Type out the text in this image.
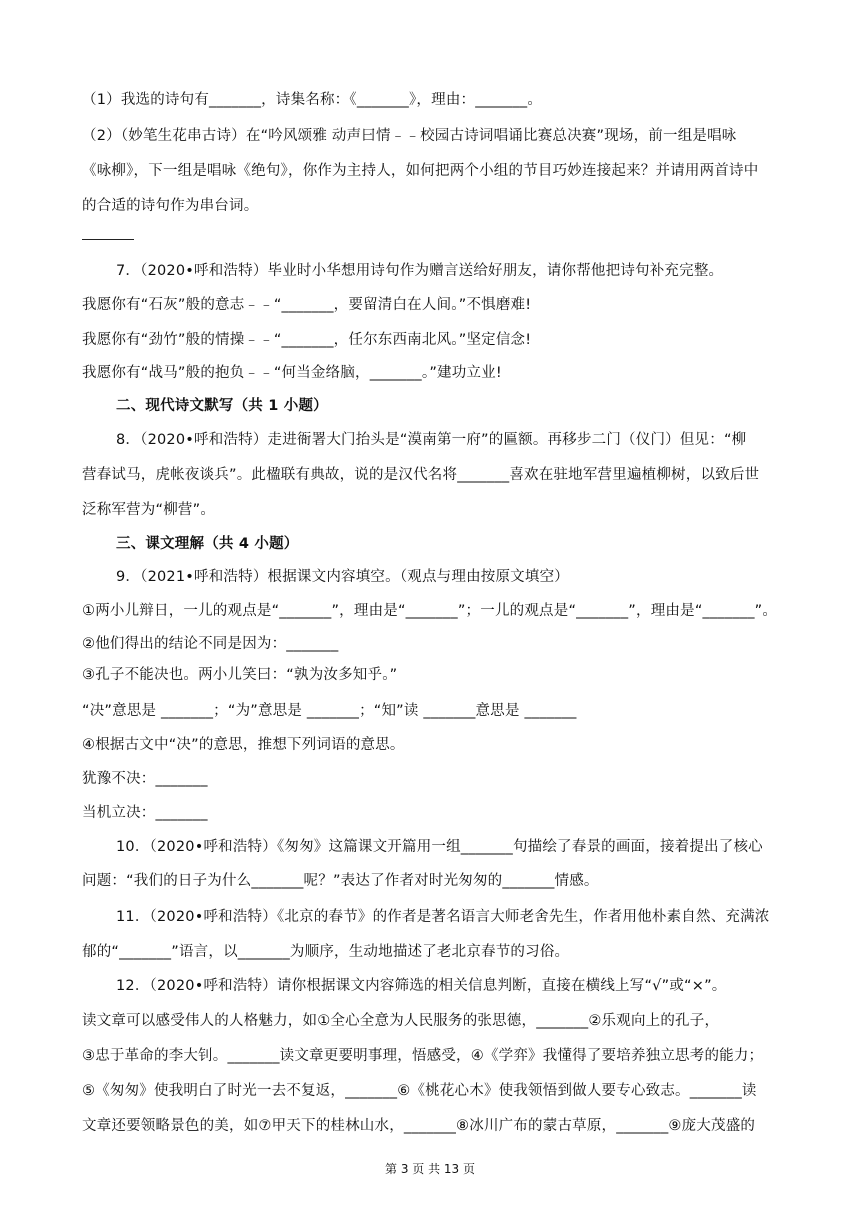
（1）我选的诗句有_______，诗集名称：《_______》，理由：_______。
（2）（妙笔生花串古诗）在“吟风颂雅 动声曰情﹣﹣校园古诗词唱诵比赛总决赛”现场，前一组是唱咏
《咏柳》，下一组是唱咏《绝句》，你作为主持人，如何把两个小组的节目巧妙连接起来？并请用两首诗中
的合适的诗句作为串台词。
7．（2020•呼和浩特）毕业时小华想用诗句作为赠言送给好朋友，请你帮他把诗句补充完整。
我愿你有“石灰”般的意志﹣﹣“_______，要留清白在人间。”不惧磨难!
我愿你有“劲竹”般的情操﹣﹣“_______，任尔东西南北风。”坚定信念!
我愿你有“战马”般的抱负﹣﹣“何当金络脑，_______。”建功立业!
二、现代诗文默写（共 1 小题）
8．（2020•呼和浩特）走进衙署大门抬头是“漠南第一府”的匾额。再移步二门（仪门）但见：“柳
营春试马，虎帐夜谈兵”。此楹联有典故，说的是汉代名将_______喜欢在驻地军营里遍植柳树，以致后世
泛称军营为“柳营”。
三、课文理解（共 4 小题）
9．（2021•呼和浩特）根据课文内容填空。（观点与理由按原文填空）
①两小儿辩日，一儿的观点是“_______”，理由是“_______”；一儿的观点是“_______”，理由是“_______”。
②他们得出的结论不同是因为：_______
③孔子不能决也。两小儿笑曰：“孰为汝多知乎。”
“决”意思是 _______；“为”意思是 _______；“知”读 _______意思是 _______
④根据古文中“决”的意思，推想下列词语的意思。
犹豫不决：_______
当机立决：_______
10．（2020•呼和浩特）《匆匆》这篇课文开篇用一组_______句描绘了春景的画面，接着提出了核心
问题：“我们的日子为什么_______呢？”表达了作者对时光匆匆的_______情感。
11．（2020•呼和浩特）《北京的春节》的作者是著名语言大师老舍先生，作者用他朴素自然、充满浓
郁的“_______”语言，以_______为顺序，生动地描述了老北京春节的习俗。
12．（2020•呼和浩特）请你根据课文内容筛选的相关信息判断，直接在横线上写“√”或“×”。
读文章可以感受伟人的人格魅力，如①全心全意为人民服务的张思德，_______②乐观向上的孔子，
③忠于革命的李大钊。_______读文章更要明事理，悟感受，④《学弈》我懂得了要培养独立思考的能力；
⑤《匆匆》使我明白了时光一去不复返，_______⑥《桃花心木》使我领悟到做人要专心致志。_______读
文章还要领略景色的美，如⑦甲天下的桂林山水，_______⑧冰川广布的蒙古草原，_______⑨庞大茂盛的
第 3 页 共 13 页
